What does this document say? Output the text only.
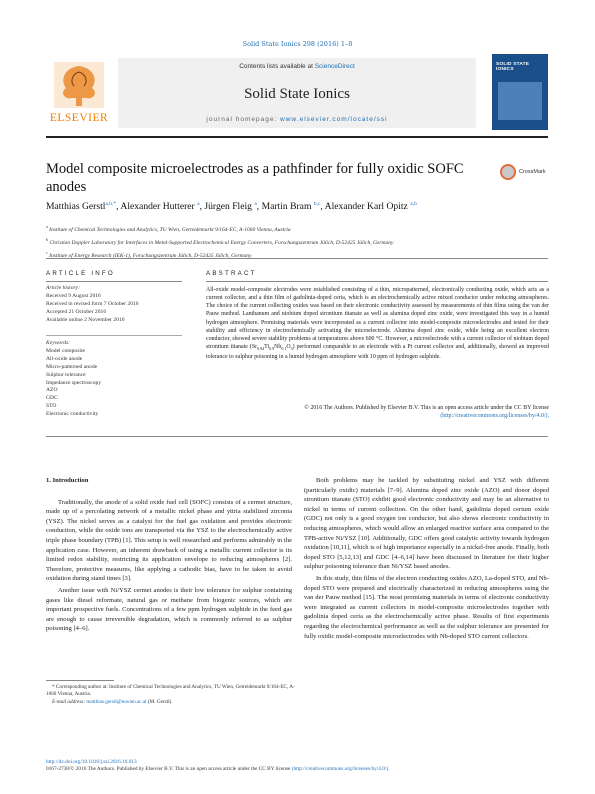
Solid State Ionics 298 (2016) 1–8
ELSEVIER
Contents lists available at ScienceDirect
Solid State Ionics
journal homepage: www.elsevier.com/locate/ssi
SOLID STATE IONICS
Model composite microelectrodes as a pathfinder for fully oxidic SOFC anodes
CrossMark
Matthias Gerstl$^{a,b,*}$, Alexander Hutterer $^a$, Jürgen Fleig $^a$, Martin Bram $^{b,c}$, Alexander Karl Opitz $^{a,b}$
$^a$ Institute of Chemical Technologies and Analytics, TU Wien, Getreidemarkt 9/164-EC, A-1060 Vienna, Austria
$^b$ Christian Doppler Laboratory for Interfaces in Metal-Supported Electrochemical Energy Converters, Forschungszentrum Jülich, D-52425 Jülich, Germany
$^c$ Institute of Energy Research (IEK-1), Forschungszentrum Jülich, D-52425 Jülich, Germany
ARTICLE INFO
Article history:
Received 9 August 2016
Received in revised form 7 October 2016
Accepted 21 October 2016
Available online 2 November 2016
Keywords:
Model composite
All-oxide anode
Micro-patterned anode
Sulphur tolerance
Impedance spectroscopy
AZO
GDC
STO
Electronic conductivity
ABSTRACT
All-oxide model-composite electrodes were established consisting of a thin, micropatterned, electronically conducting oxide, which acts as a current collector, and a thin film of gadolinia-doped ceria, which is an electrochemically active mixed conductor under reducing atmospheres. The choice of the current collecting oxides was based on their electronic conductivity assessed by measurements of thin films using the van der Pauw method. Lanthanum and niobium doped strontium titanate as well as alumina doped zinc oxide, were investigated this way in a humid hydrogen atmosphere. Promising materials were incorporated as a current collector into model-composite microelectrodes and tested for their stability and efficiency in electrochemically activating the microelectrode. Alumina doped zinc oxide, while being an excellent electron conductor, showed severe stability problems at temperatures above 600 °C. However, a microelectrode with a current collector of niobium doped strontium titanate $(Sr_{0.94}Ti_{0.9}Nb_{0.1}O_3)$ performed comparable to an electrode with a Pt current collector and, additionally, showed an improved tolerance to sulphur poisoning in a humid hydrogen atmosphere with 10 ppm of hydrogen sulphide.
© 2016 The Authors. Published by Elsevier B.V. This is an open access article under the CC BY license
(http://creativecommons.org/licenses/by/4.0/).
1. Introduction

Traditionally, the anode of a solid oxide fuel cell (SOFC) consists of a cermet structure, made up of a percolating network of a metallic nickel phase and yttria stabilized zirconia (YSZ). The nickel serves as a catalyst for the fuel gas oxidation and provides electronic conduction, while the oxide ions are transported via the YSZ to the electrochemically active triple phase boundary (TPB) [1]. This setup is well researched and performs admirably in the application case. However, an inherent drawback of using a metallic current collector is its limited redox stability, restricting its application envelope to reducing atmospheres [2]. Therefore, protective measures, like applying a cathodic bias, have to be taken to avoid oxidation during stand times [3].

Another issue with Ni/YSZ cermet anodes is their low tolerance for sulphur containing gases like diesel reformate, natural gas or methane from biogenic sources, which are important prospective fuels. Concentrations of a few ppm hydrogen sulphide in the feed gas are enough to cause irreversible degradation, which is commonly referred to as sulphur poisoning [4–6].

Both problems may be tackled by substituting nickel and YSZ with different (particularly oxidic) materials [7–9]. Alumina doped zinc oxide (AZO) and donor doped strontium titanate (STO) exhibit good electronic conductivity and may be an alternative to nickel in terms of current collection. On the other hand, gadolinia doped cerium oxide (GDC) not only is a good oxygen ion conductor, but also shows electronic conductivity in reducing atmospheres, which would allow an enlarged reactive surface area compared to the TPB-active Ni/YSZ [10]. Additionally, GDC offers good catalytic activity towards hydrogen oxidation [10,11], which is of high importance especially in a nickel-free anode. Finally, both doped STO [5,12,13] and GDC [4–6,14] have been discussed in literature for their higher sulphur poisoning tolerance than Ni/YSZ based anodes.

In this study, thin films of the electron conducting oxides AZO, La-doped STO, and Nb-doped STO were prepared and electrically characterized in reducing atmospheres using the van der Pauw method [15]. The most promising materials in terms of electronic conductivity were integrated as current collectors in model-composite microelectrodes together with gadolinia doped ceria as the electrochemically active phase. Results of first experiments regarding the electrochemical performance as well as the sulphur tolerance are presented for fully oxidic model-composite microelectrodes with Nb-doped STO current collectors.

* Corresponding author at: Institute of Chemical Technologies and Analytics, TU Wien, Getreidemarkt 9/164-EC, A-1060 Vienna, Austria.
E-mail address: matthias.gerstl@tuwien.ac.at (M. Gerstl).
http://dx.doi.org/10.1016/j.ssi.2016.10.013
0167-2738/© 2016 The Authors. Published by Elsevier B.V. This is an open access article under the CC BY license (http://creativecommons.org/licenses/by/4.0/).
